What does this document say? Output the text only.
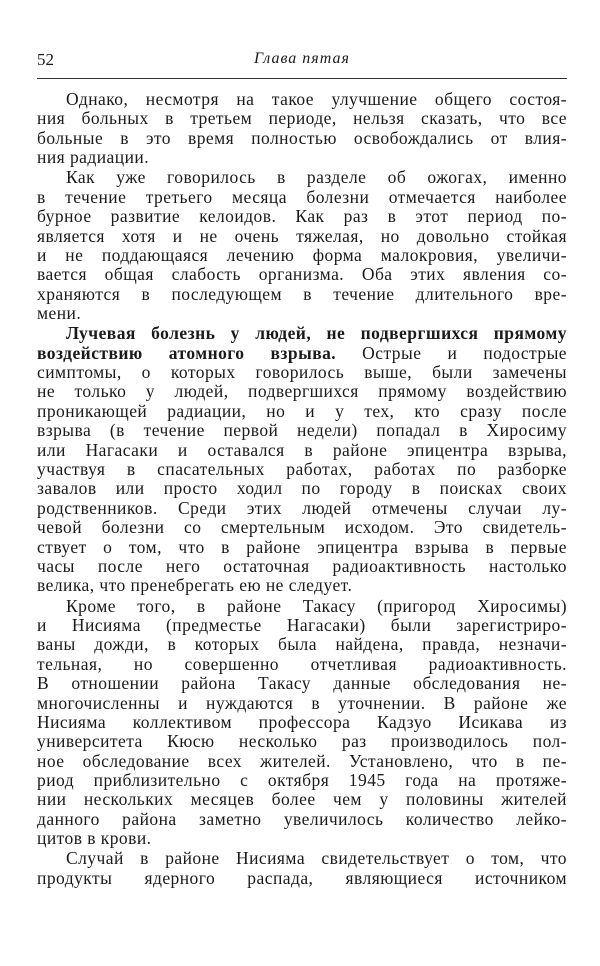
52	Глава пятая
Однако, несмотря на такое улучшение общего состоя-
ния больных в третьем периоде, нельзя сказать, что все
больные в это время полностью освобождались от влия-
ния радиации.
Как уже говорилось в разделе об ожогах, именно
в течение третьего месяца болезни отмечается наиболее
бурное развитие келоидов. Как раз в этот период по-
является хотя и не очень тяжелая, но довольно стойкая
и не поддающаяся лечению форма малокровия, увеличи-
вается общая слабость организма. Оба этих явления со-
храняются в последующем в течение длительного вре-
мени.
Лучевая болезнь у людей, не подвергшихся прямому
воздействию атомного взрыва. Острые и подострые
симптомы, о которых говорилось выше, были замечены
не только у людей, подвергшихся прямому воздействию
проникающей радиации, но и у тех, кто сразу после
взрыва (в течение первой недели) попадал в Хиросиму
или Нагасаки и оставался в районе эпицентра взрыва,
участвуя в спасательных работах, работах по разборке
завалов или просто ходил по городу в поисках своих
родственников. Среди этих людей отмечены случаи лу-
чевой болезни со смертельным исходом. Это свидетель-
ствует о том, что в районе эпицентра взрыва в первые
часы после него остаточная радиоактивность настолько
велика, что пренебрегать ею не следует.
Кроме того, в районе Такасу (пригород Хиросимы)
и Нисияма (предместье Нагасаки) были зарегистриро-
ваны дожди, в которых была найдена, правда, незначи-
тельная, но совершенно отчетливая радиоактивность.
В отношении района Такасу данные обследования не-
многочисленны и нуждаются в уточнении. В районе же
Нисияма коллективом профессора Кадзуо Исикава из
университета Кюсю несколько раз производилось пол-
ное обследование всех жителей. Установлено, что в пе-
риод приблизительно с октября 1945 года на протяже-
нии нескольких месяцев более чем у половины жителей
данного района заметно увеличилось количество лейко-
цитов в крови.
Случай в районе Нисияма свидетельствует о том, что
продукты ядерного распада, являющиеся источником
